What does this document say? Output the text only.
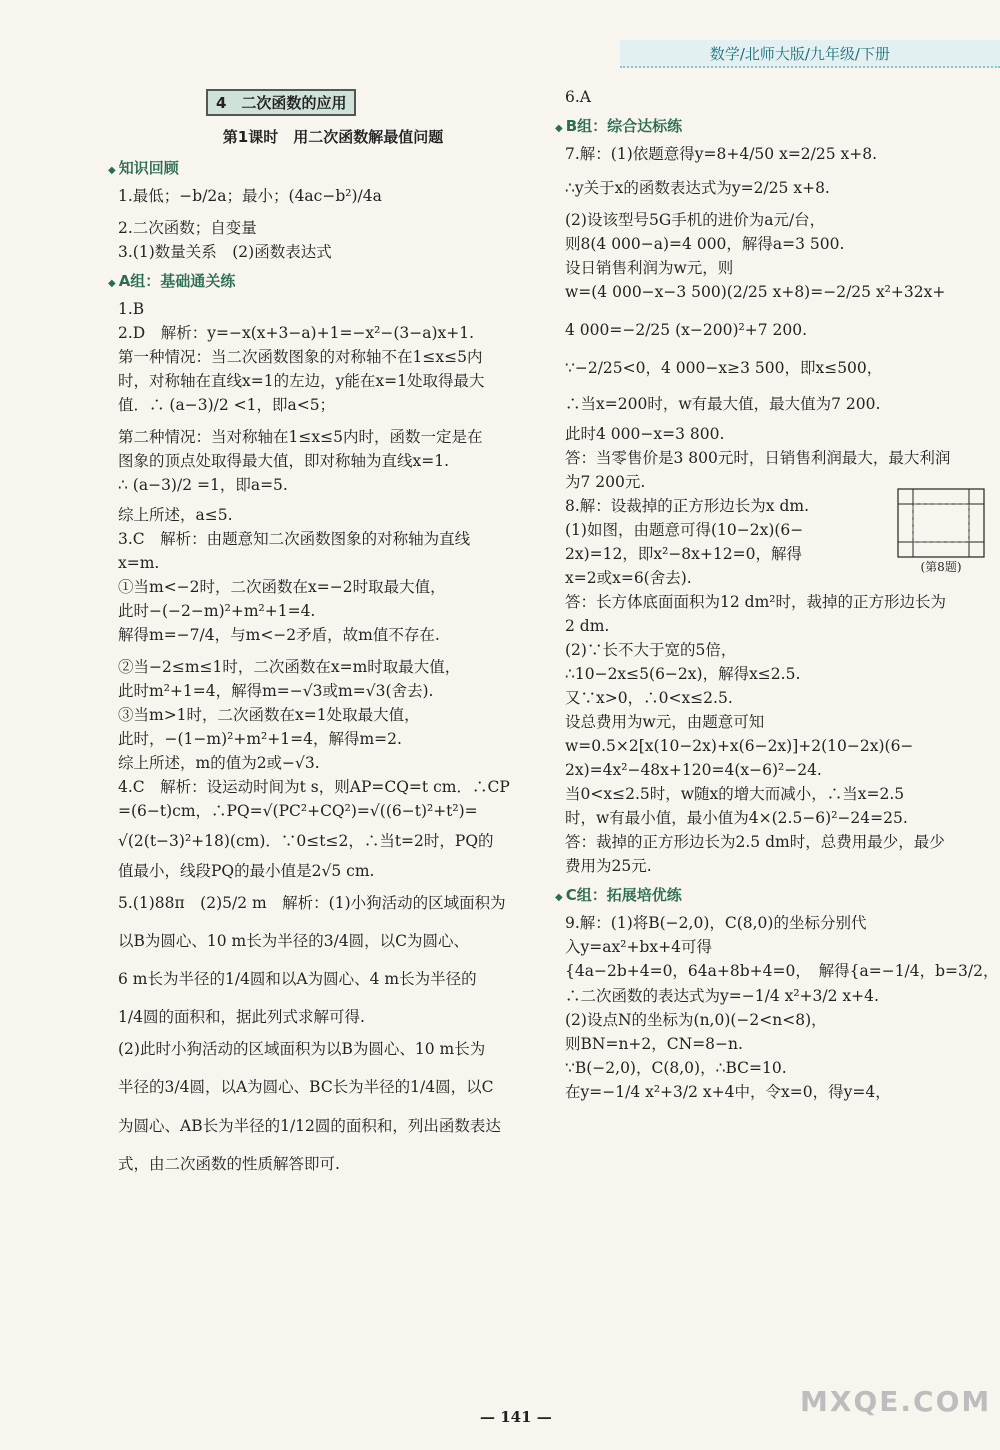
数学/北师大版/九年级/下册
4　二次函数的应用
第1课时　用二次函数解最值问题
◆ 知识回顾
1.最低；−b/2a；最小；(4ac−b²)/4a
2.二次函数；自变量
3.(1)数量关系　(2)函数表达式
◆ A组：基础通关练
1.B
2.D　解析：y=−x(x+3−a)+1=−x²−(3−a)x+1.
第一种情况：当二次函数图象的对称轴不在1≤x≤5内
时，对称轴在直线x=1的左边，y能在x=1处取得最大
值．∴ (a−3)/2 <1，即a<5；
第二种情况：当对称轴在1≤x≤5内时，函数一定是在
图象的顶点处取得最大值，即对称轴为直线x=1.
∴ (a−3)/2 =1，即a=5.
综上所述，a≤5.
3.C　解析：由题意知二次函数图象的对称轴为直线
x=m.
①当m<−2时，二次函数在x=−2时取最大值，
此时−(−2−m)²+m²+1=4.
解得m=−7/4，与m<−2矛盾，故m值不存在.
②当−2≤m≤1时，二次函数在x=m时取最大值，
此时m²+1=4，解得m=−√3或m=√3(舍去).
③当m>1时，二次函数在x=1处取最大值，
此时，−(1−m)²+m²+1=4，解得m=2.
综上所述，m的值为2或−√3.
4.C　解析：设运动时间为t s，则AP=CQ=t cm．∴CP
=(6−t)cm，∴PQ=√(PC²+CQ²)=√((6−t)²+t²)=
√(2(t−3)²+18)(cm)．∵0≤t≤2，∴当t=2时，PQ的
值最小，线段PQ的最小值是2√5 cm.
5.(1)88π　(2)5/2 m　解析：(1)小狗活动的区域面积为
以B为圆心、10 m长为半径的3/4圆，以C为圆心、
6 m长为半径的1/4圆和以A为圆心、4 m长为半径的
1/4圆的面积和，据此列式求解可得.
(2)此时小狗活动的区域面积为以B为圆心、10 m长为
半径的3/4圆，以A为圆心、BC长为半径的1/4圆，以C
为圆心、AB长为半径的1/12圆的面积和，列出函数表达
式，由二次函数的性质解答即可.
6.A
◆ B组：综合达标练
7.解：(1)依题意得y=8+4/50 x=2/25 x+8.
∴y关于x的函数表达式为y=2/25 x+8.
(2)设该型号5G手机的进价为a元/台，
则8(4 000−a)=4 000，解得a=3 500.
设日销售利润为w元，则
w=(4 000−x−3 500)(2/25 x+8)=−2/25 x²+32x+
4 000=−2/25 (x−200)²+7 200.
∵−2/25<0，4 000−x≥3 500，即x≤500，
∴当x=200时，w有最大值，最大值为7 200.
此时4 000−x=3 800.
答：当零售价是3 800元时，日销售利润最大，最大利润
为7 200元.
8.解：设裁掉的正方形边长为x dm.
(第8题)
(1)如图，由题意可得(10−2x)(6−
2x)=12，即x²−8x+12=0，解得
x=2或x=6(舍去).
答：长方体底面面积为12 dm²时，裁掉的正方形边长为
2 dm.
(2)∵长不大于宽的5倍，
∴10−2x≤5(6−2x)，解得x≤2.5.
又∵x>0，∴0<x≤2.5.
设总费用为w元，由题意可知
w=0.5×2[x(10−2x)+x(6−2x)]+2(10−2x)(6−
2x)=4x²−48x+120=4(x−6)²−24.
当0<x≤2.5时，w随x的增大而减小，∴当x=2.5
时，w有最小值，最小值为4×(2.5−6)²−24=25.
答：裁掉的正方形边长为2.5 dm时，总费用最少，最少
费用为25元.
◆ C组：拓展培优练
9.解：(1)将B(−2,0)，C(8,0)的坐标分别代
入y=ax²+bx+4可得
{4a−2b+4=0，64a+8b+4=0，　解得{a=−1/4，b=3/2，
∴二次函数的表达式为y=−1/4 x²+3/2 x+4.
(2)设点N的坐标为(n,0)(−2<n<8)，
则BN=n+2，CN=8−n.
∵B(−2,0)，C(8,0)，∴BC=10.
在y=−1/4 x²+3/2 x+4中，令x=0，得y=4，
— 141 —	MXQE.COM
